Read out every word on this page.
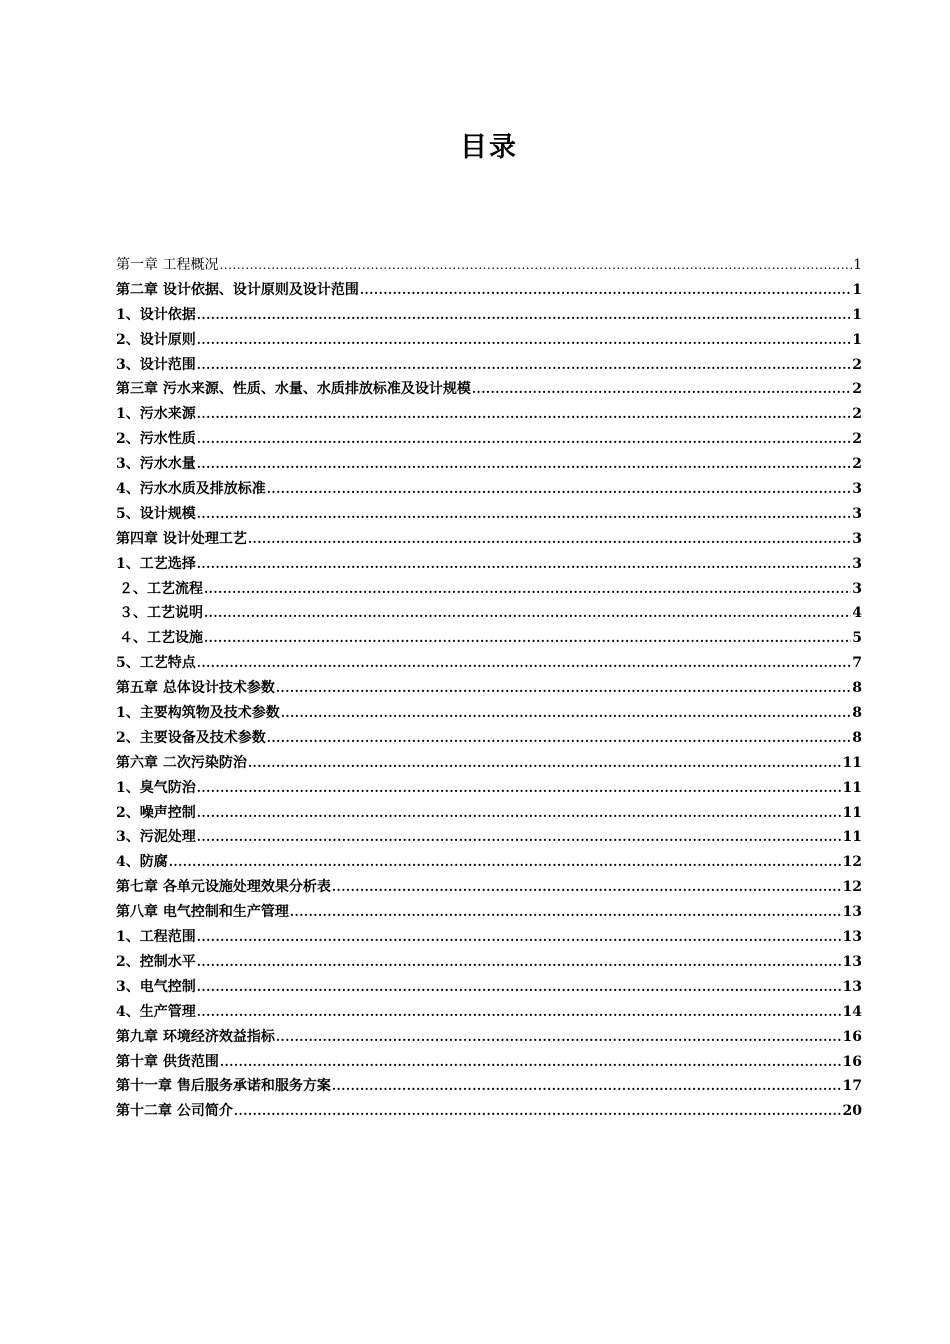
目录
第一章 工程概况 .....	1
第二章 设计依据、设计原则及设计范围 .....	1
1、设计依据 .....	1
2、设计原则 .....	1
3、设计范围 .....	2
第三章 污水来源、性质、水量、水质排放标准及设计规模 .....	2
1、污水来源 .....	2
2、污水性质 .....	2
3、污水水量 .....	2
4、污水水质及排放标准 .....	3
5、设计规模 .....	3
第四章 设计处理工艺 .....	3
1、工艺选择 .....	3
２、工艺流程 .....	3
３、工艺说明 .....	4
４、工艺设施 .....	5
5、工艺特点 .....	7
第五章 总体设计技术参数 .....	8
1、主要构筑物及技术参数 .....	8
2、主要设备及技术参数 .....	8
第六章 二次污染防治 .....	11
1、臭气防治 .....	11
2、噪声控制 .....	11
3、污泥处理 .....	11
4、防腐 .....	12
第七章 各单元设施处理效果分析表 .....	12
第八章 电气控制和生产管理 .....	13
1、工程范围 .....	13
2、控制水平 .....	13
3、电气控制 .....	13
4、生产管理 .....	14
第九章 环境经济效益指标 .....	16
第十章 供货范围 .....	16
第十一章 售后服务承诺和服务方案 .....	17
第十二章 公司简介 .....	20
